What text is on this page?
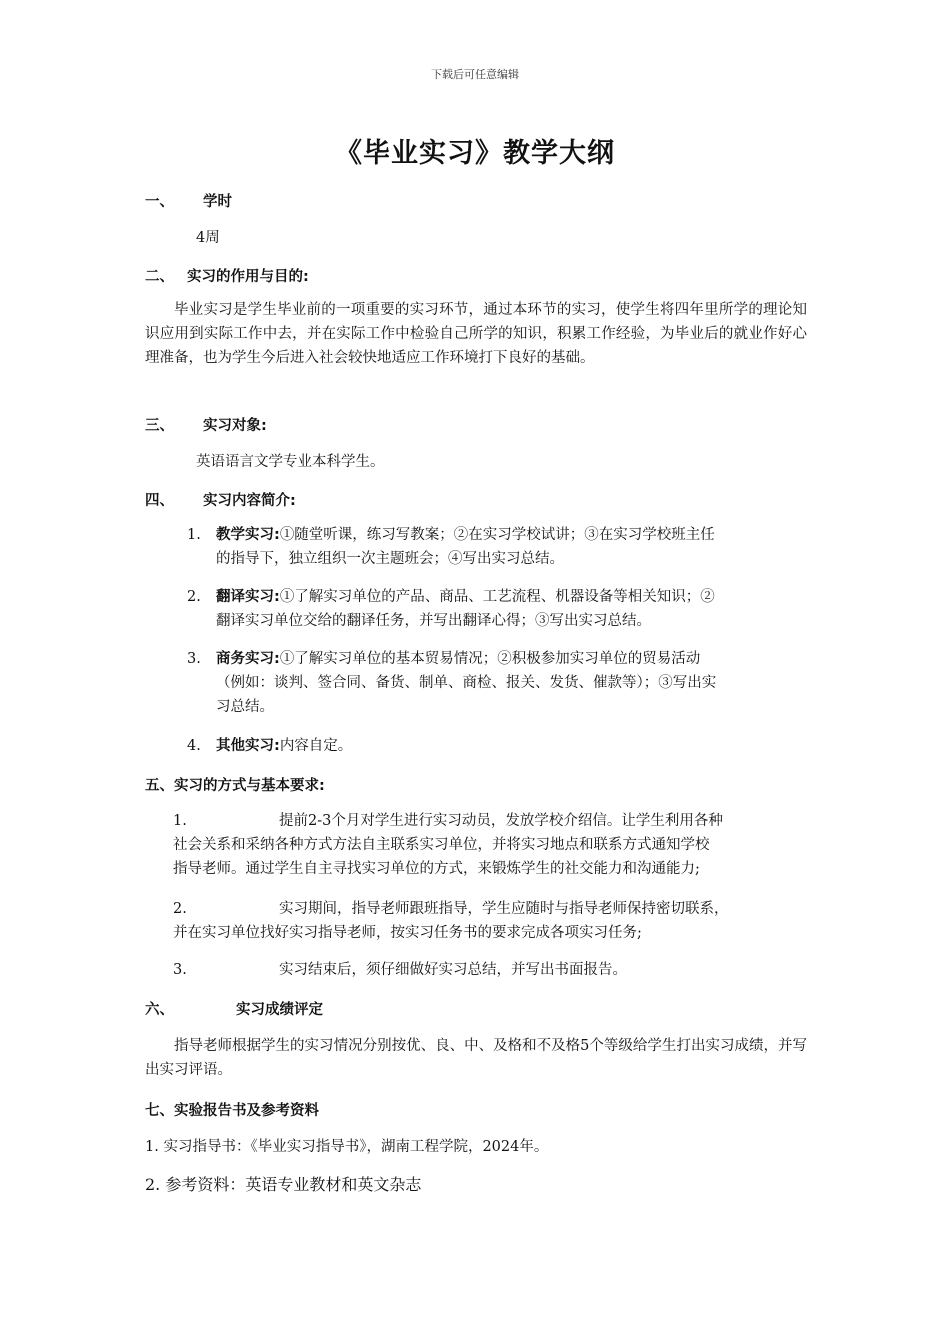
下载后可任意编辑
《毕业实习》教学大纲
一、 学时
4周
二、 实习的作用与目的:
毕业实习是学生毕业前的一项重要的实习环节，通过本环节的实习，使学生将四年里所学的理论知识应用到实际工作中去，并在实际工作中检验自己所学的知识，积累工作经验，为毕业后的就业作好心理准备，也为学生今后进入社会较快地适应工作环境打下良好的基础。
三、 实习对象:
英语语言文学专业本科学生。
四、 实习内容简介:
1. 教学实习:①随堂听课，练习写教案；②在实习学校试讲；③在实习学校班主任
的指导下，独立组织一次主题班会；④写出实习总结。
2. 翻译实习:①了解实习单位的产品、商品、工艺流程、机器设备等相关知识；②
翻译实习单位交给的翻译任务，并写出翻译心得；③写出实习总结。
3. 商务实习:①了解实习单位的基本贸易情况；②积极参加实习单位的贸易活动
（例如：谈判、签合同、备货、制单、商检、报关、发货、催款等）；③写出实
习总结。
4. 其他实习:内容自定。
五、实习的方式与基本要求:
1.	提前2-3个月对学生进行实习动员，发放学校介绍信。让学生利用各种
社会关系和采纳各种方式方法自主联系实习单位，并将实习地点和联系方式通知学校
指导老师。通过学生自主寻找实习单位的方式，来锻炼学生的社交能力和沟通能力;
2.	实习期间，指导老师跟班指导，学生应随时与指导老师保持密切联系，
并在实习单位找好实习指导老师，按实习任务书的要求完成各项实习任务;
3.	实习结束后，须仔细做好实习总结，并写出书面报告。
六、	实习成绩评定
指导老师根据学生的实习情况分别按优、良、中、及格和不及格5个等级给学生打出实习成绩，并写出实习评语。
七、实验报告书及参考资料
1. 实习指导书：《毕业实习指导书》，湖南工程学院，2024年。
2. 参考资料：英语专业教材和英文杂志
